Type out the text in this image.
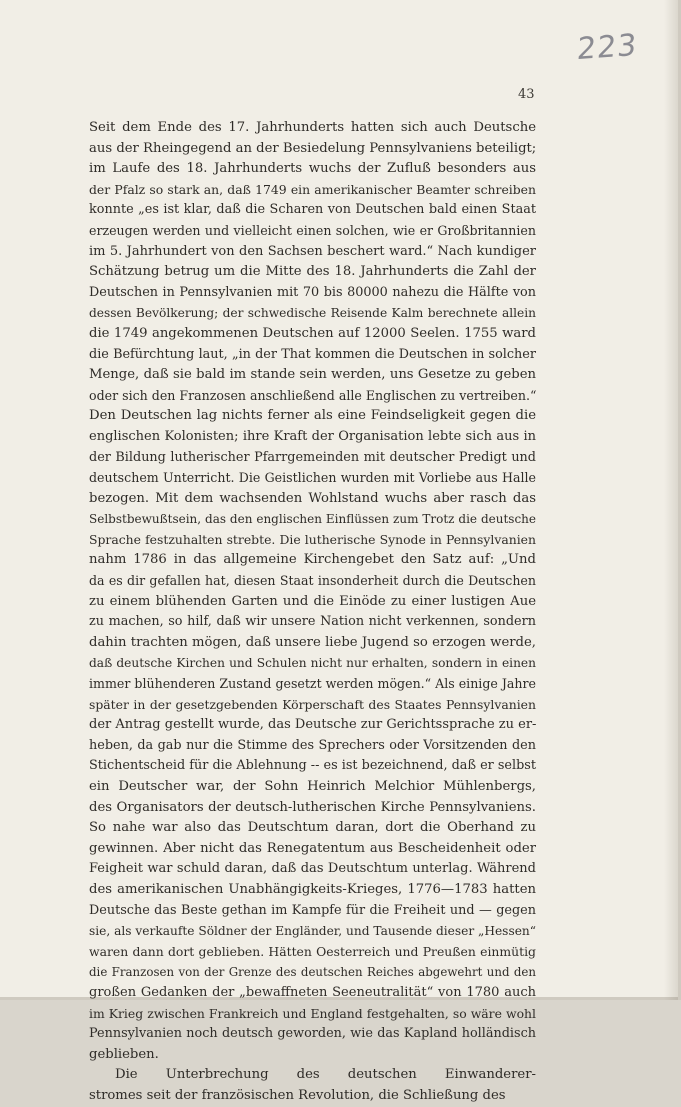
223
43
Seit dem Ende des 17. Jahrhunderts hatten sich auch Deutsche
aus der Rheingegend an der Besiedelung Pennsylvaniens beteiligt;
im Laufe des 18. Jahrhunderts wuchs der Zufluß besonders aus
der Pfalz so stark an, daß 1749 ein amerikanischer Beamter schreiben
konnte „es ist klar, daß die Scharen von Deutschen bald einen Staat
erzeugen werden und vielleicht einen solchen, wie er Großbritannien
im 5. Jahrhundert von den Sachsen beschert ward.“ Nach kundiger
Schätzung betrug um die Mitte des 18. Jahrhunderts die Zahl der
Deutschen in Pennsylvanien mit 70 bis 80000 nahezu die Hälfte von
dessen Bevölkerung; der schwedische Reisende Kalm berechnete allein
die 1749 angekommenen Deutschen auf 12000 Seelen. 1755 ward
die Befürchtung laut, „in der That kommen die Deutschen in solcher
Menge, daß sie bald im stande sein werden, uns Gesetze zu geben
oder sich den Franzosen anschließend alle Englischen zu vertreiben.“
Den Deutschen lag nichts ferner als eine Feindseligkeit gegen die
englischen Kolonisten; ihre Kraft der Organisation lebte sich aus in
der Bildung lutherischer Pfarrgemeinden mit deutscher Predigt und
deutschem Unterricht. Die Geistlichen wurden mit Vorliebe aus Halle
bezogen. Mit dem wachsenden Wohlstand wuchs aber rasch das
Selbstbewußtsein, das den englischen Einflüssen zum Trotz die deutsche
Sprache festzuhalten strebte. Die lutherische Synode in Pennsylvanien
nahm 1786 in das allgemeine Kirchengebet den Satz auf: „Und
da es dir gefallen hat, diesen Staat insonderheit durch die Deutschen
zu einem blühenden Garten und die Einöde zu einer lustigen Aue
zu machen, so hilf, daß wir unsere Nation nicht verkennen, sondern
dahin trachten mögen, daß unsere liebe Jugend so erzogen werde,
daß deutsche Kirchen und Schulen nicht nur erhalten, sondern in einen
immer blühenderen Zustand gesetzt werden mögen.“ Als einige Jahre
später in der gesetzgebenden Körperschaft des Staates Pennsylvanien
der Antrag gestellt wurde, das Deutsche zur Gerichtssprache zu er-
heben, da gab nur die Stimme des Sprechers oder Vorsitzenden den
Stichentscheid für die Ablehnung -- es ist bezeichnend, daß er selbst
ein Deutscher war, der Sohn Heinrich Melchior Mühlenbergs,
des Organisators der deutsch-lutherischen Kirche Pennsylvaniens.
So nahe war also das Deutschtum daran, dort die Oberhand zu
gewinnen. Aber nicht das Renegatentum aus Bescheidenheit oder
Feigheit war schuld daran, daß das Deutschtum unterlag. Während
des amerikanischen Unabhängigkeits-Krieges, 1776—1783 hatten
Deutsche das Beste gethan im Kampfe für die Freiheit und — gegen
sie, als verkaufte Söldner der Engländer, und Tausende dieser „Hessen“
waren dann dort geblieben. Hätten Oesterreich und Preußen einmütig
die Franzosen von der Grenze des deutschen Reiches abgewehrt und den
großen Gedanken der „bewaffneten Seeneutralität“ von 1780 auch
im Krieg zwischen Frankreich und England festgehalten, so wäre wohl
Pennsylvanien noch deutsch geworden, wie das Kapland holländisch
geblieben.
Die Unterbrechung des deutschen Einwanderer-
stromes seit der französischen Revolution, die Schließung des
